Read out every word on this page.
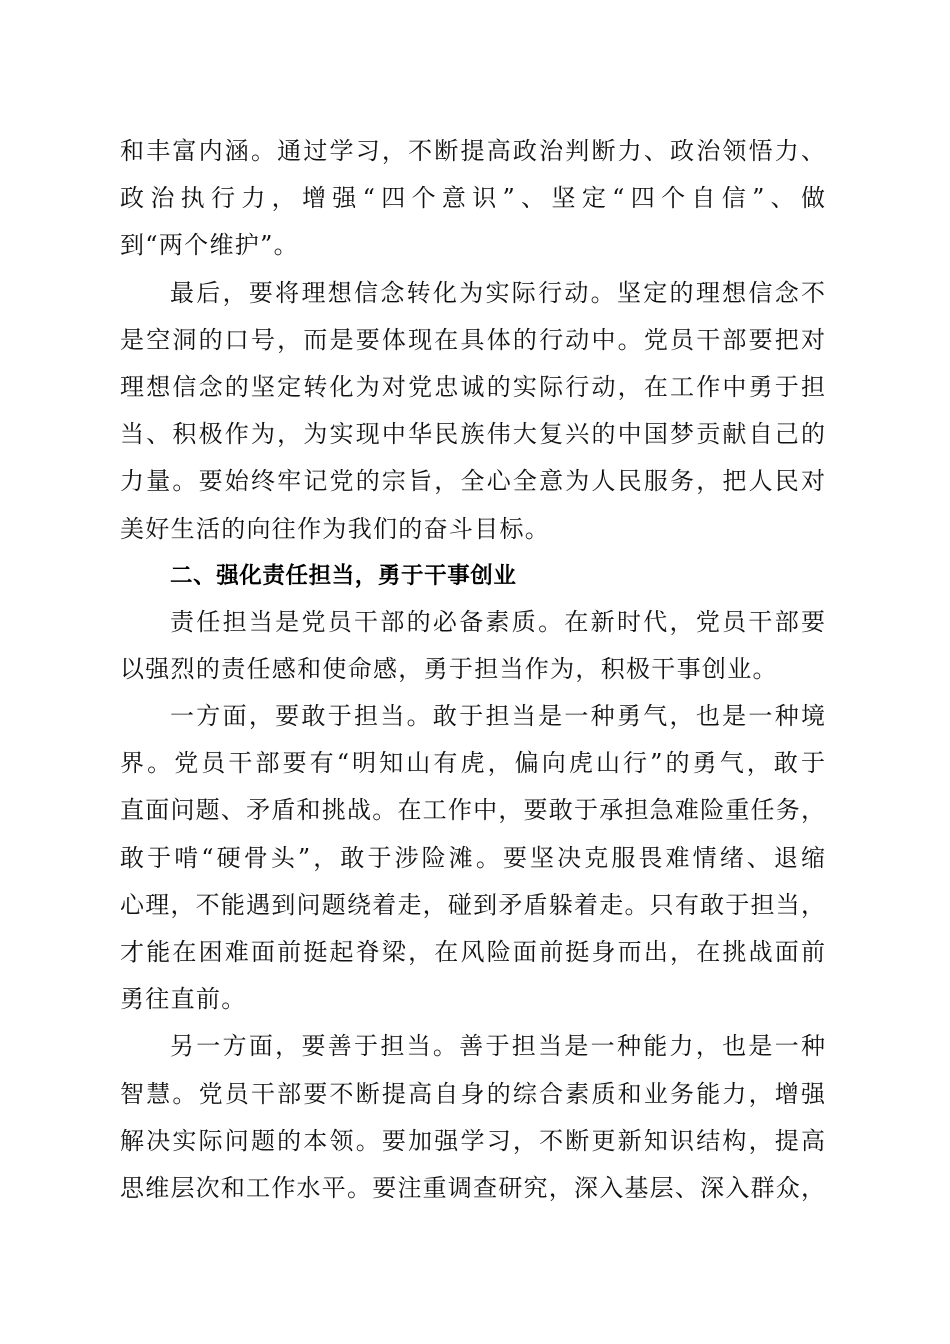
和丰富内涵。通过学习，不断提高政治判断力、政治领悟力、
政治执行力，增强“四个意识”、坚定“四个自信”、做
到“两个维护”。
最后，要将理想信念转化为实际行动。坚定的理想信念不
是空洞的口号，而是要体现在具体的行动中。党员干部要把对
理想信念的坚定转化为对党忠诚的实际行动，在工作中勇于担
当、积极作为，为实现中华民族伟大复兴的中国梦贡献自己的
力量。要始终牢记党的宗旨，全心全意为人民服务，把人民对
美好生活的向往作为我们的奋斗目标。
二、强化责任担当，勇于干事创业
责任担当是党员干部的必备素质。在新时代，党员干部要
以强烈的责任感和使命感，勇于担当作为，积极干事创业。
一方面，要敢于担当。敢于担当是一种勇气，也是一种境
界。党员干部要有“明知山有虎，偏向虎山行”的勇气，敢于
直面问题、矛盾和挑战。在工作中，要敢于承担急难险重任务，
敢于啃“硬骨头”，敢于涉险滩。要坚决克服畏难情绪、退缩
心理，不能遇到问题绕着走，碰到矛盾躲着走。只有敢于担当，
才能在困难面前挺起脊梁，在风险面前挺身而出，在挑战面前
勇往直前。
另一方面，要善于担当。善于担当是一种能力，也是一种
智慧。党员干部要不断提高自身的综合素质和业务能力，增强
解决实际问题的本领。要加强学习，不断更新知识结构，提高
思维层次和工作水平。要注重调查研究，深入基层、深入群众，
